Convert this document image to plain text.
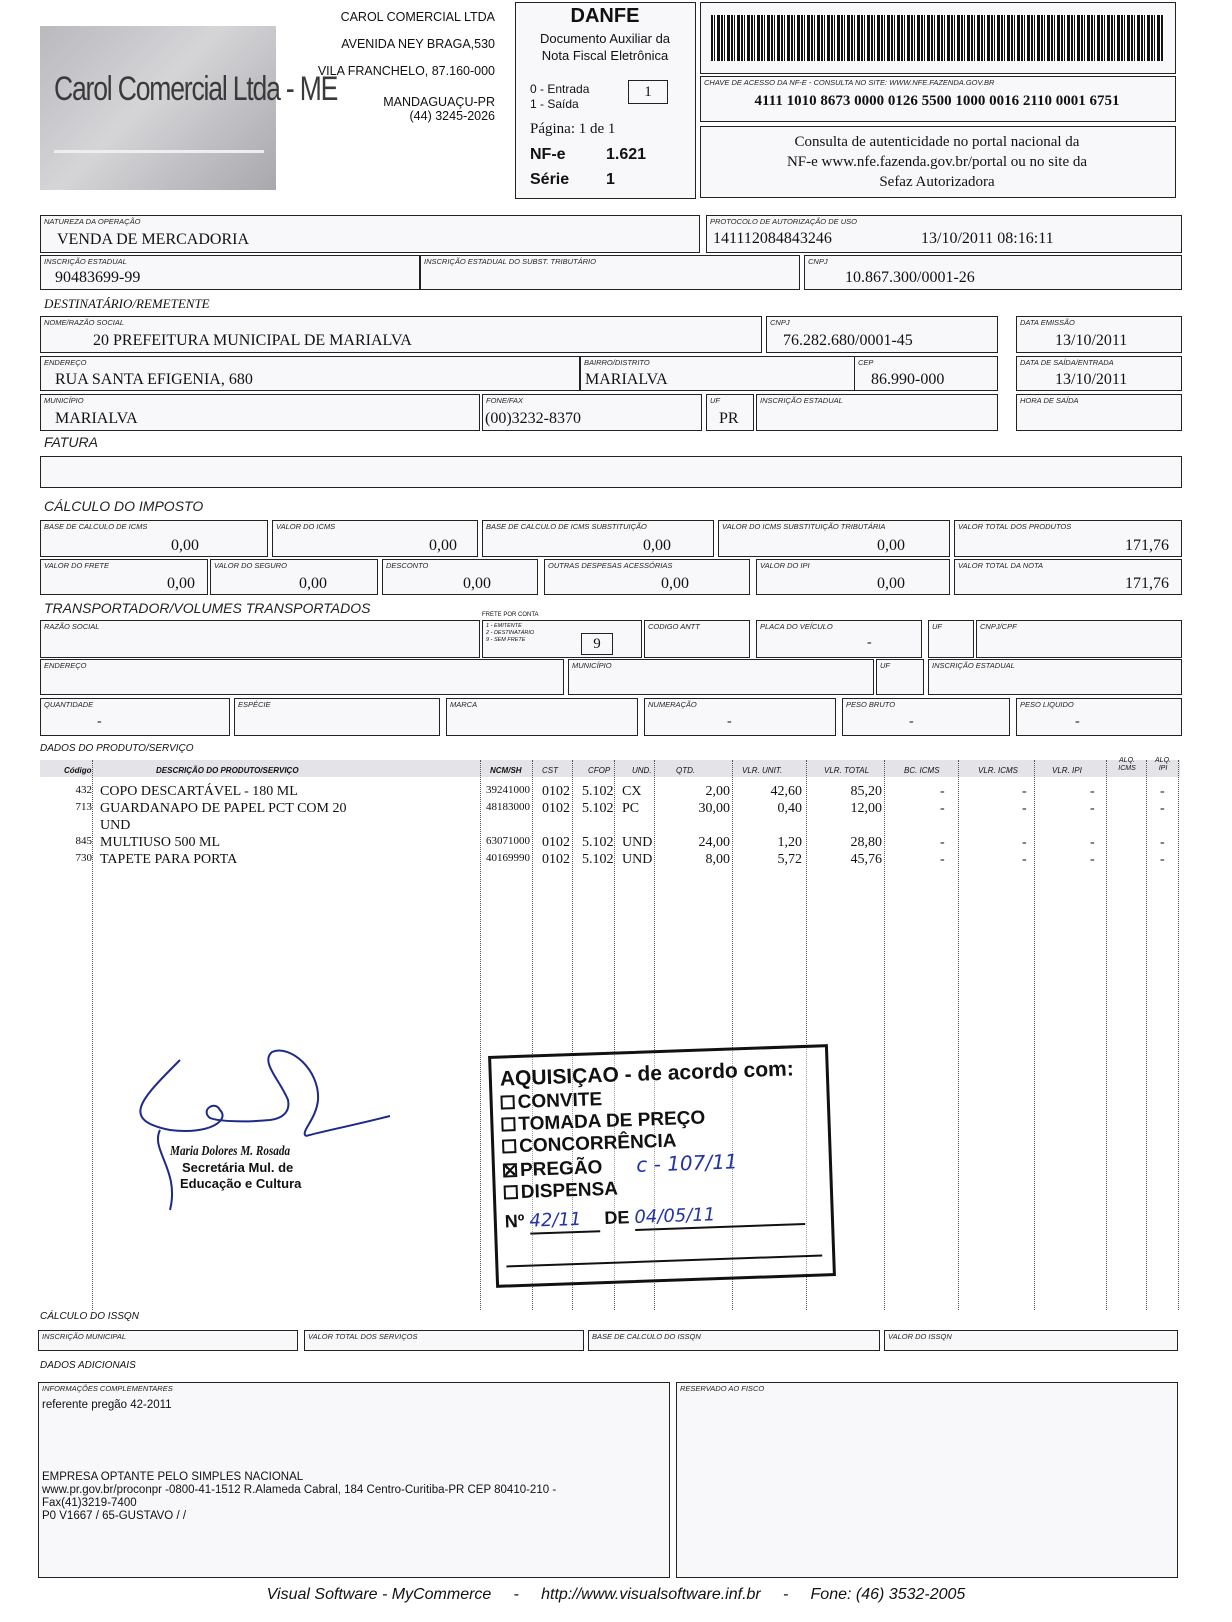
Carol Comercial Ltda - ME
CAROL COMERCIAL LTDA
AVENIDA NEY BRAGA,530
VILA FRANCHELO, 87.160-000
MANDAGUAÇU-PR
(44) 3245-2026
DANFE
Documento Auxiliar da
Nota Fiscal Eletrônica
0 - Entrada
1 - Saída
1
Página: 1 de 1
NF-e	1.621
Série 1
CHAVE DE ACESSO DA NF-E - CONSULTA NO SITE: WWW.NFE.FAZENDA.GOV.BR
4111 1010 8673 0000 0126 5500 1000 0016 2110 0001 6751
Consulta de autenticidade no portal nacional da
NF-e www.nfe.fazenda.gov.br/portal ou no site da
Sefaz Autorizadora
NATUREZA DA OPERAÇÃO
VENDA DE MERCADORIA
PROTOCOLO DE AUTORIZAÇÃO DE USO
141112084843246	13/10/2011 08:16:11
INSCRIÇÃO ESTADUAL
90483699-99
INSCRIÇÃO ESTADUAL DO SUBST. TRIBUTÁRIO	CNPJ
10.867.300/0001-26
DESTINATÁRIO/REMETENTE
NOME/RAZÃO SOCIAL
20 PREFEITURA MUNICIPAL DE MARIALVA
CNPJ
76.282.680/0001-45
DATA EMISSÃO
13/10/2011
ENDEREÇO
RUA SANTA EFIGENIA, 680
BAIRRO/DISTRITO
MARIALVA
CEP
86.990-000
DATA DE SAÍDA/ENTRADA
13/10/2011
MUNICÍPIO
MARIALVA
FONE/FAX
(00)3232-8370
UF
PR
INSCRIÇÃO ESTADUAL	HORA DE SAÍDA
FATURA
CÁLCULO DO IMPOSTO
BASE DE CALCULO DE ICMS
0,00
VALOR DO ICMS
0,00
BASE DE CALCULO DE ICMS SUBSTITUIÇÃO
0,00
VALOR DO ICMS SUBSTITUIÇÃO TRIBUTÁRIA
0,00
VALOR TOTAL DOS PRODUTOS
171,76
VALOR DO FRETE
0,00
VALOR DO SEGURO
0,00
DESCONTO
0,00
OUTRAS DESPESAS ACESSÓRIAS
0,00
VALOR DO IPI
0,00
VALOR TOTAL DA NOTA
171,76
TRANSPORTADOR/VOLUMES TRANSPORTADOS
RAZÃO SOCIAL
FRETE POR CONTA
1 - EMITENTE
2 - DESTINATÁRIO
9 - SEM FRETE	9
CODIGO ANTT	PLACA DO VEÍCULO
-
UF	CNPJ/CPF
ENDEREÇO	MUNICÍPIO	UF	INSCRIÇÃO ESTADUAL
QUANTIDADE
-
ESPÉCIE	MARCA	NUMERAÇÃO
-
PESO BRUTO
-
PESO LIQUIDO
-
DADOS DO PRODUTO/SERVIÇO
Código	DESCRIÇÃO DO PRODUTO/SERVIÇO	NCM/SH	CST	CFOP	UND.	QTD.	VLR. UNIT.	VLR. TOTAL	BC. ICMS	VLR. ICMS	VLR. IPI
ALQ. ICMS
ALQ. IPI
432 COPO DESCARTÁVEL - 180 ML	39241000 0102 5.102 CX	2,00	42,60	85,20	-	-	-	-
713 GUARDANAPO DE PAPEL PCT COM 20	48183000 0102 5.102 PC	30,00	0,40	12,00	-	-	-	-
UND
845 MULTIUSO 500 ML	63071000 0102 5.102 UND	24,00	1,20	28,80	-	-	-	-
730 TAPETE PARA PORTA	40169990 0102 5.102 UND	8,00	5,72	45,76	-	-	-	-
Maria Dolores M. Rosada
Secretária Mul. de
Educação e Cultura
AQUISIÇAO - de acordo com:
CONVITE
TOMADA DE PREÇO
CONCORRÊNCIA
PREGÃO c - 107/11
DISPENSA
Nº 42/11 DE 04/05/11
CÁLCULO DO ISSQN
INSCRIÇÃO MUNICIPAL	VALOR TOTAL DOS SERVIÇOS	BASE DE CALCULO DO ISSQN	VALOR DO ISSQN
DADOS ADICIONAIS
INFORMAÇÕES COMPLEMENTARES
referente pregão 42-2011
EMPRESA OPTANTE PELO SIMPLES NACIONAL
www.pr.gov.br/proconpr -0800-41-1512 R.Alameda Cabral, 184 Centro-Curitiba-PR CEP 80410-210 -
Fax(41)3219-7400
P0 V1667 / 65-GUSTAVO / /
RESERVADO AO FISCO
Visual Software - MyCommerce     -     http://www.visualsoftware.inf.br     -     Fone: (46) 3532-2005
